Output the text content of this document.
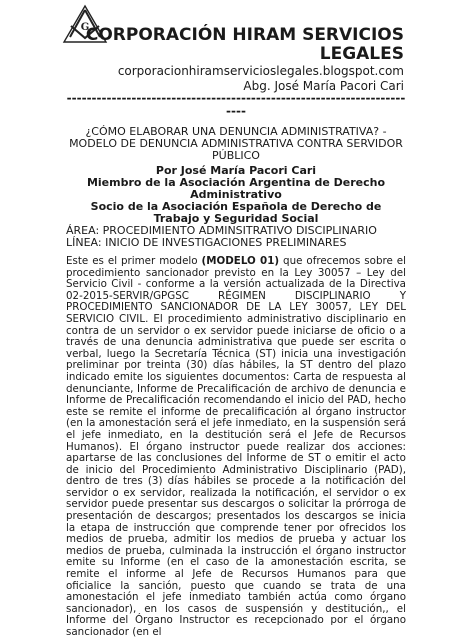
G
CORPORACIÓN HIRAM SERVICIOS
LEGALES
corporacionhiramservicioslegales.blogspot.com
Abg. José María Pacori Cari
------------------------------------------------------------------------
¿CÓMO ELABORAR UNA DENUNCIA ADMINISTRATIVA? - MODELO DE DENUNCIA ADMINISTRATIVA CONTRA SERVIDOR PÚBLICO
Por José María Pacori Cari
Miembro de la Asociación Argentina de Derecho Administrativo
Socio de la Asociación Española de Derecho de Trabajo y Seguridad Social
ÁREA: PROCEDIMIENTO ADMINSITRATIVO DISCIPLINARIO
LÍNEA: INICIO DE INVESTIGACIONES PRELIMINARES
Este es el primer modelo (MODELO 01) que ofrecemos sobre el procedimiento sancionador previsto en la Ley 30057 – Ley del Servicio Civil - conforme a la versión actualizada de la Directiva 02-2015-SERVIR/GPGSC RÉGIMEN DISCIPLINARIO Y PROCEDIMIENTO SANCIONADOR DE LA LEY 30057, LEY DEL SERVICIO CIVIL. El procedimiento administrativo disciplinario en contra de un servidor o ex servidor puede iniciarse de oficio o a través de una denuncia administrativa que puede ser escrita o verbal, luego la Secretaría Técnica (ST) inicia una investigación preliminar por treinta (30) días hábiles, la ST dentro del plazo indicado emite los siguientes documentos: Carta de respuesta al denunciante, Informe de Precalificación de archivo de denuncia e Informe de Precalificación recomendando el inicio del PAD, hecho este se remite el informe de precalificación al órgano instructor (en la amonestación será el jefe inmediato, en la suspensión será el jefe inmediato, en la destitución será el Jefe de Recursos Humanos). El órgano instructor puede realizar dos acciones: apartarse de las conclusiones del Informe de ST o emitir el acto de inicio del Procedimiento Administrativo Disciplinario (PAD), dentro de tres (3) días hábiles se procede a la notificación del servidor o ex servidor, realizada la notificación, el servidor o ex servidor puede presentar sus descargos o solicitar la prórroga de presentación de descargos; presentados los descargos se inicia la etapa de instrucción que comprende tener por ofrecidos los medios de prueba, admitir los medios de prueba y actuar los medios de prueba, culminada la instrucción el órgano instructor emite su Informe (en el caso de la amonestación escrita, se remite el informe al Jefe de Recursos Humanos para que oficialice la sanción, puesto que cuando se trata de una amonestación el jefe inmediato también actúa como órgano sancionador), en los casos de suspensión y destitución,, el Informe del Órgano Instructor es recepcionado por el órgano sancionador (en el
